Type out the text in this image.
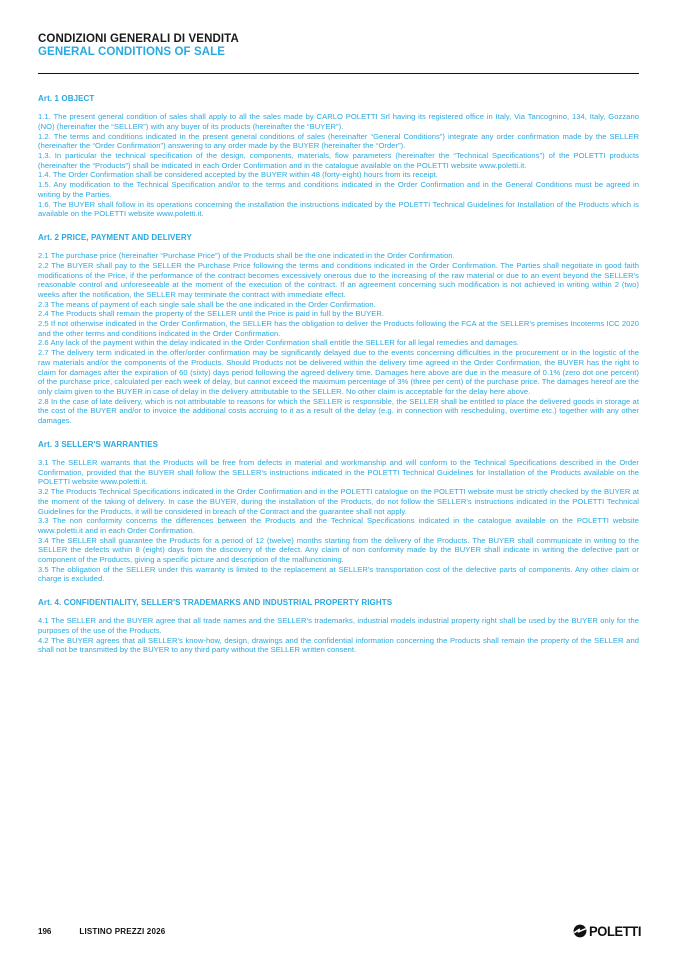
CONDIZIONI GENERALI DI VENDITA
GENERAL CONDITIONS OF SALE
Art. 1 OBJECT

1.1. The present general condition of sales shall apply to all the sales made by CARLO POLETTI Srl having its registered office in Italy, Via Tancognino, 134, Italy, Gozzano (NO) (hereinafter the “SELLER”) with any buyer of its products (hereinafter the “BUYER”).

1.2. The terms and conditions indicated in the present general conditions of sales (hereinafter “General Conditions”) integrate any order confirmation made by the SELLER (hereinafter the “Order Confirmation”) answering to any order made by the BUYER (hereinafter the “Order”).

1.3. In particular the technical specification of the design, components, materials, flow parameters (hereinafter the “Technical Specifications”) of the POLETTI products (hereinafter the “Products”) shall be indicated in each Order Confirmation and in the catalogue available on the POLETTI website www.poletti.it.

1.4. The Order Confirmation shall be considered accepted by the BUYER within 48 (forty-eight) hours from its receipt.

1.5. Any modification to the Technical Specification and/or to the terms and conditions indicated in the Order Confirmation and in the General Conditions must be agreed in writing by the Parties.

1.6. The BUYER shall follow in its operations concerning the installation the instructions indicated by the POLETTI Technical Guidelines for Installation of the Products which is available on the POLETTI website www.poletti.it.

Art. 2 PRICE, PAYMENT AND DELIVERY

2.1 The purchase price (hereinafter “Purchase Price”) of the Products shall be the one indicated in the Order Confirmation.

2.2 The BUYER shall pay to the SELLER the Purchase Price following the terms and conditions indicated in the Order Confirmation. The Parties shall negotiate in good faith modifications of the Price, if the performance of the contract becomes excessively onerous due to the increasing of the raw material or due to an event beyond the SELLER's reasonable control and unforeseeable at the moment of the execution of the contract. If an agreement concerning such modification is not achieved in writing within 2 (two) weeks after the notification, the SELLER may terminate the contract with immediate effect.

2.3 The means of payment of each single sale shall be the one indicated in the Order Confirmation.

2.4 The Products shall remain the property of the SELLER until the Price is paid in full by the BUYER.

2.5 If not otherwise indicated in the Order Confirmation, the SELLER has the obligation to deliver the Products following the FCA at the SELLER's premises Incoterms ICC 2020 and the other terms and conditions indicated in the Order Confirmation.

2.6 Any lack of the payment within the delay indicated in the Order Confirmation shall entitle the SELLER for all legal remedies and damages.

2.7 The delivery term indicated in the offer/order confirmation may be significantly delayed due to the events concerning difficulties in the procurement or in the logistic of the raw materials and/or the components of the Products. Should Products not be delivered within the delivery time agreed in the Order Confirmation, the BUYER has the right to claim for damages after the expiration of 60 (sixty) days period following the agreed delivery time. Damages here above are due in the measure of 0.1% (zero dot one percent) of the purchase price, calculated per each week of delay, but cannot exceed the maximum percentage of 3% (three per cent) of the purchase price. The damages hereof are the only claim given to the BUYER in case of delay in the delivery attributable to the SELLER. No other claim is acceptable for the delay here above.

2.8 In the case of late delivery, which is not attributable to reasons for which the SELLER is responsible, the SELLER shall be entitled to place the delivered goods in storage at the cost of the BUYER and/or to invoice the additional costs accruing to it as a result of the delay (e.g. in connection with rescheduling, overtime etc.) together with any other damages.

Art. 3 SELLER'S WARRANTIES

3.1 The SELLER warrants that the Products will be free from defects in material and workmanship and will conform to the Technical Specifications described in the Order Confirmation, provided that the BUYER shall follow the SELLER's instructions indicated in the POLETTI Technical Guidelines for Installation of the Products available on the POLETTI website www.poletti.it.

3.2 The Products Technical Specifications indicated in the Order Confirmation and in the POLETTI catalogue on the POLETTI website must be strictly checked by the BUYER at the moment of the taking of delivery. In case the BUYER, during the installation of the Products, do not follow the SELLER's instructions indicated in the POLETTI Technical Guidelines for the Products, it will be considered in breach of the Contract and the guarantee shall not apply.

3.3 The non conformity concerns the differences between the Products and the Technical Specifications indicated in the catalogue available on the POLETTI website www.poletti.it and in each Order Confirmation.

3.4 The SELLER shall guarantee the Products for a period of 12 (twelve) months starting from the delivery of the Products. The BUYER shall communicate in writing to the SELLER the defects within 8 (eight) days from the discovery of the defect. Any claim of non conformity made by the BUYER shall indicate in writing the defective part or component of the Products, giving a specific picture and description of the malfunctioning.

3.5 The obligation of the SELLER under this warranty is limited to the replacement at SELLER's transportation cost of the defective parts of components. Any other claim or charge is excluded.

Art. 4. CONFIDENTIALITY, SELLER'S TRADEMARKS AND INDUSTRIAL PROPERTY RIGHTS

4.1 The SELLER and the BUYER agree that all trade names and the SELLER's trademarks, industrial models industrial property right shall be used by the BUYER only for the purposes of the use of the Products.

4.2 The BUYER agrees that all SELLER's know-how, design, drawings and the confidential information concerning the Products shall remain the property of the SELLER and shall not be transmitted by the BUYER to any third party without the SELLER written consent.

196	LISTINO PREZZI 2026	POLETTI
